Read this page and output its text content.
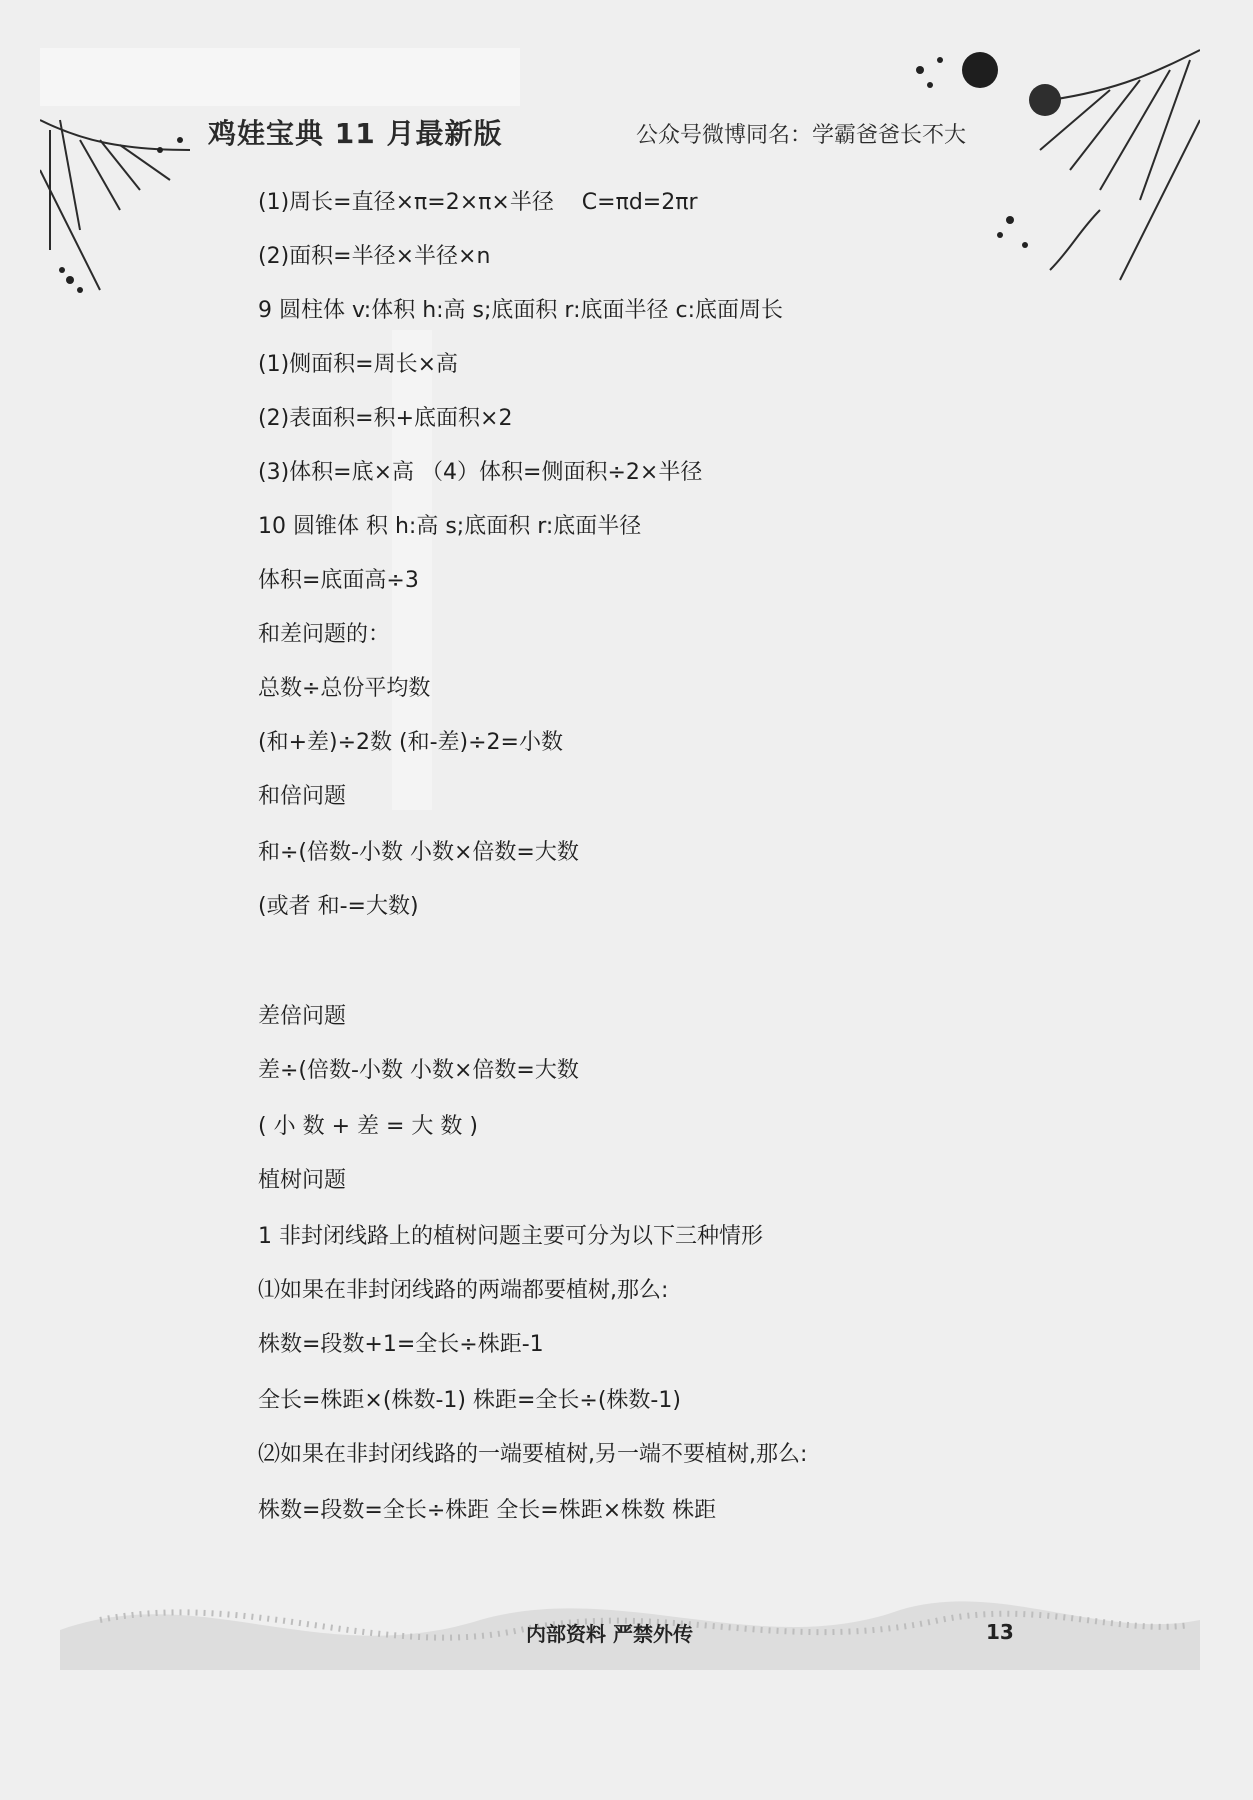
鸡娃宝典 11 月最新版	公众号微博同名：学霸爸爸长不大
(1)周长=直径×π=2×π×半径    C=πd=2πr
(2)面积=半径×半径×n
9 圆柱体 v:体积 h:高 s;底面积 r:底面半径 c:底面周长
(1)侧面积=周长×高
(2)表面积=积+底面积×2
(3)体积=底×高 （4）体积=侧面积÷2×半径
10 圆锥体 积 h:高 s;底面积 r:底面半径
体积=底面高÷3
和差问题的：
总数÷总份平均数
(和+差)÷2数 (和-差)÷2=小数
和倍问题
和÷(倍数-小数 小数×倍数=大数
(或者 和-=大数)
差倍问题
差÷(倍数-小数 小数×倍数=大数
( 小 数 + 差 = 大 数 )
植树问题
1 非封闭线路上的植树问题主要可分为以下三种情形
⑴如果在非封闭线路的两端都要植树,那么:
株数=段数+1=全长÷株距-1
全长=株距×(株数-1) 株距=全长÷(株数-1)
⑵如果在非封闭线路的一端要植树,另一端不要植树,那么:
株数=段数=全长÷株距 全长=株距×株数 株距
内部资料 严禁外传	13
